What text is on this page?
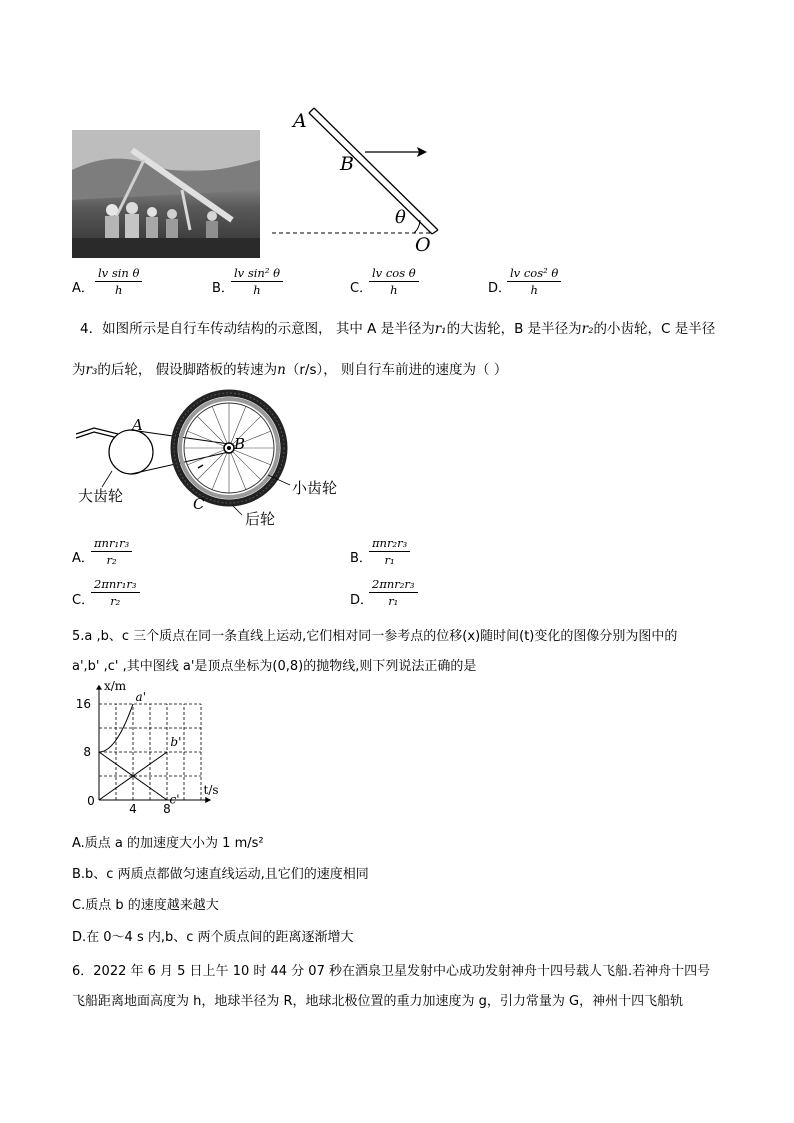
A
B
θ
O
A． $\frac{\text{lv sin θ}}{h}$	B．
$\frac{\text{lv sin² θ}}{h}$	C．
$\frac{\text{lv cos θ}}{h}$	D．
$\frac{\text{lv cos² θ}}{h}$
4．如图所示是自行车传动结构的示意图， 其中 A 是半径为r₁的大齿轮，B 是半径为r₂的小齿轮，C 是半径
为r₃的后轮， 假设脚踏板的转速为n（r/s）， 则自行车前进的速度为（ ）
A
B
C
大齿轮	小齿轮
后轮
A．
πnr₁r₃
r₂	B．
πnr₂r₃
r₁
C．
2πnr₁r₃
r₂	D．
2πnr₂r₃
r₁
5.a ,b、c 三个质点在同一条直线上运动,它们相对同一参考点的位移(x)随时间(t)变化的图像分别为图中的
a',b' ,c' ,其中图线 a'是顶点坐标为(0,8)的抛物线,则下列说法正确的是
a'
b'
c'
0
4 8
8
16
x/m
t/s
A.质点 a 的加速度大小为 1 m/s²
B.b、c 两质点都做匀速直线运动,且它们的速度相同
C.质点 b 的速度越来越大
D.在 0～4 s 内,b、c 两个质点间的距离逐渐增大
6．2022 年 6 月 5 日上午 10 时 44 分 07 秒在酒泉卫星发射中心成功发射神舟十四号载人飞船.若神舟十四号
飞船距离地面高度为 h，地球半径为 R，地球北极位置的重力加速度为 g，引力常量为 G，神州十四飞船轨
